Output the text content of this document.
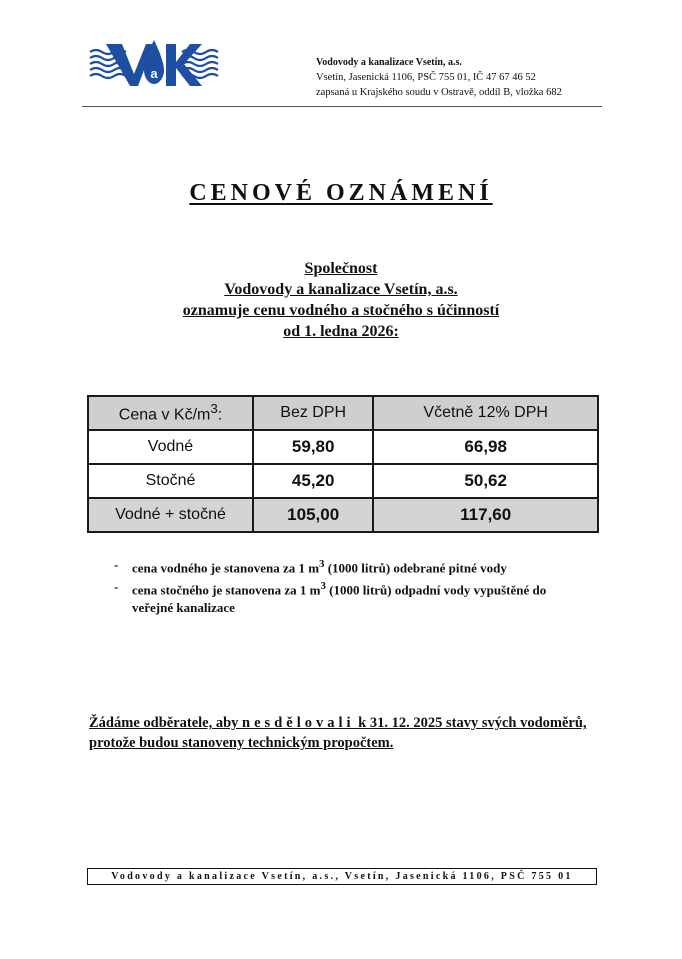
a
Vodovody a kanalizace Vsetín, a.s.
Vsetín, Jasenická 1106, PSČ 755 01, IČ 47 67 46 52
zapsaná u Krajského soudu v Ostravě, oddíl B, vložka 682
CENOVÉ OZNÁMENÍ
Společnost
Vodovody a kanalizace Vsetín, a.s.
oznamuje cenu vodného a stočného s účinností
od 1. ledna 2026:
Cena v $Kč/m^3$:	Bez DPH	Včetně 12% DPH
Vodné	59,80	66,98
Stočné	45,20	50,62
Vodné + stočné	105,00	117,60
- cena vodného je stanovena za 1 $m^3$ (1000 litrů) odebrané pitné vody
- cena stočného je stanovena za 1 $m^3$ (1000 litrů) odpadní vody vypuštěné do veřejné kanalizace
Žádáme odběratele, aby nesdělovali k 31. 12. 2025 stavy svých vodoměrů, protože budou stanoveny technickým propočtem.
Vodovody a kanalizace Vsetín, a.s., Vsetín, Jasenická 1106, PSČ 755 01
